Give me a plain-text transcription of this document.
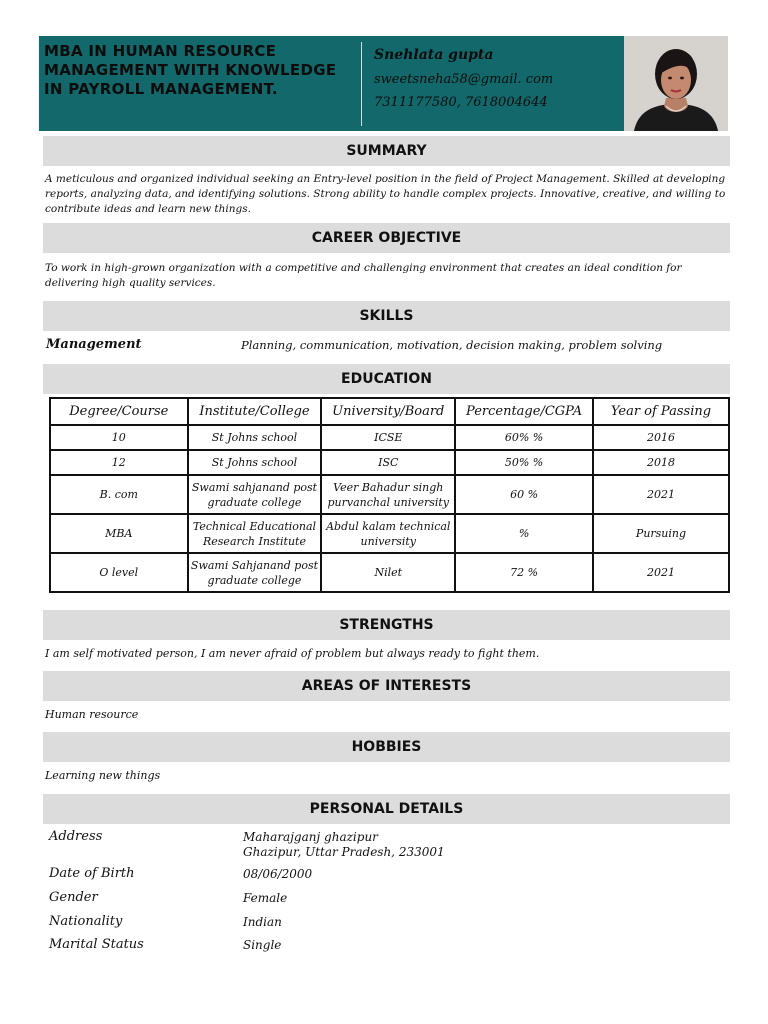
MBA IN HUMAN RESOURCE MANAGEMENT WITH KNOWLEDGE IN PAYROLL MANAGEMENT.
Snehlata gupta
sweetsneha58@gmail. com
7311177580, 7618004644
SUMMARY
A meticulous and organized individual seeking an Entry-level position in the field of Project Management. Skilled at developing reports, analyzing data, and identifying solutions. Strong ability to handle complex projects. Innovative, creative, and willing to contribute ideas and learn new things.
CAREER OBJECTIVE
To work in high-grown organization with a competitive and challenging environment that creates an ideal condition for delivering high quality services.
SKILLS
Management	Planning, communication, motivation, decision making, problem solving
EDUCATION
Degree/Course	Institute/College	University/Board	Percentage/CGPA	Year of Passing
10	St Johns school	ICSE	60% %	2016
12	St Johns school	ISC	50% %	2018
B. com	Swami sahjanand post graduate college	Veer Bahadur singh purvanchal university	60 %	2021
MBA	Technical Educational Research Institute	Abdul kalam technical university	%	Pursuing
O level	Swami Sahjanand post graduate college	Nilet	72 %	2021
STRENGTHS
I am self motivated person, I am never afraid of problem but always ready to fight them.
AREAS OF INTERESTS
Human resource
HOBBIES
Learning new things
PERSONAL DETAILS
Address	Maharajganj ghazipur
Ghazipur, Uttar Pradesh, 233001
Date of Birth	08/06/2000
Gender	Female
Nationality	Indian
Marital Status	Single
